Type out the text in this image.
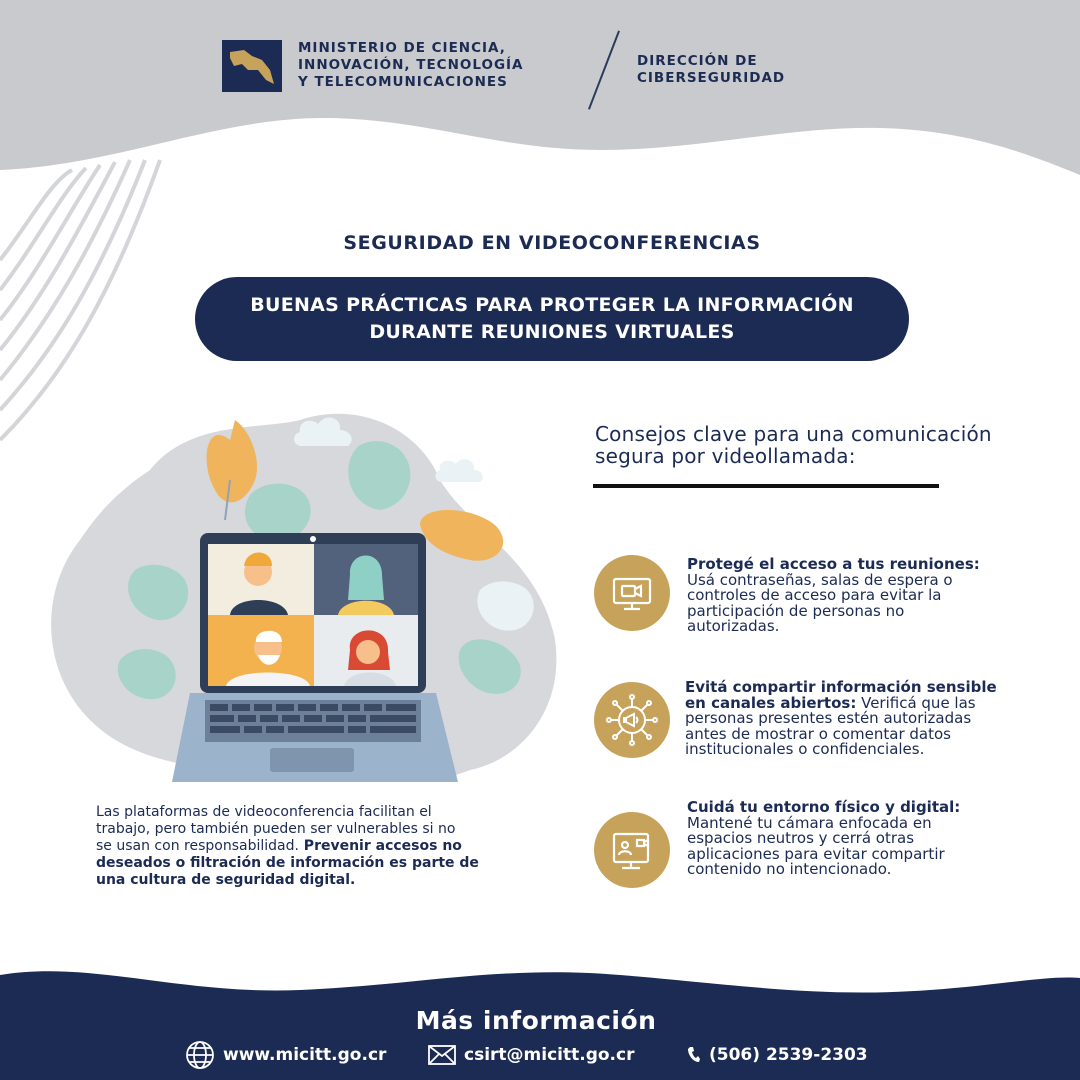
MINISTERIO DE CIENCIA,
INNOVACIÓN, TECNOLOGÍA
Y TELECOMUNICACIONES
DIRECCIÓN DE
CIBERSEGURIDAD
SEGURIDAD EN VIDEOCONFERENCIAS
BUENAS PRÁCTICAS PARA PROTEGER LA INFORMACIÓN
DURANTE REUNIONES VIRTUALES
Consejos clave para una comunicación
segura por videollamada:
Protegé el acceso a tus reuniones:
Usá contraseñas, salas de espera o
controles de acceso para evitar la
participación de personas no
autorizadas.
Evitá compartir información sensible
en canales abiertos: Verificá que las
personas presentes estén autorizadas
antes de mostrar o comentar datos
institucionales o confidenciales.
Cuidá tu entorno físico y digital:
Mantené tu cámara enfocada en
espacios neutros y cerrá otras
aplicaciones para evitar compartir
contenido no intencionado.
Las plataformas de videoconferencia facilitan el
trabajo, pero también pueden ser vulnerables si no
se usan con responsabilidad. Prevenir accesos no
deseados o filtración de información es parte de
una cultura de seguridad digital.
Más información
www.micitt.go.cr	csirt@micitt.go.cr	(506) 2539-2303
